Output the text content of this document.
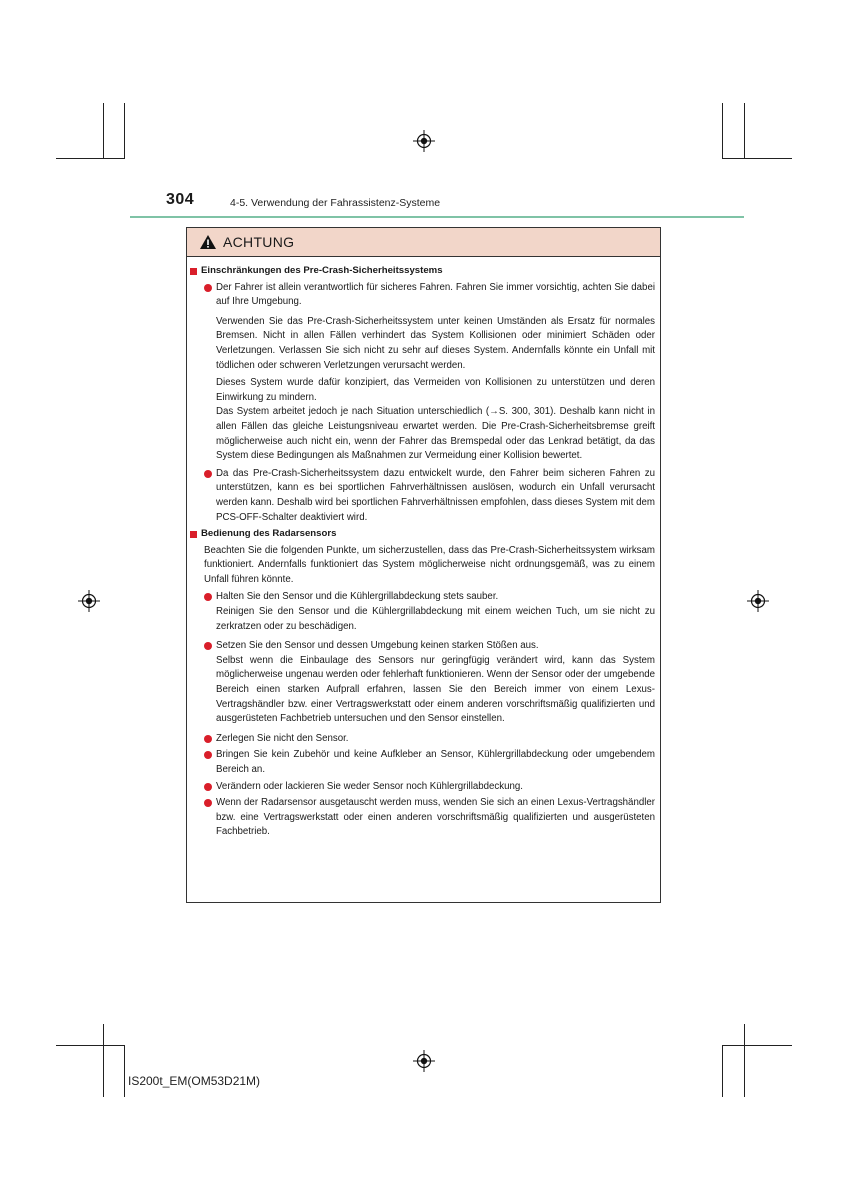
304	4-5. Verwendung der Fahrassistenz-Systeme
ACHTUNG
Einschränkungen des Pre-Crash-Sicherheitssystems
Der Fahrer ist allein verantwortlich für sicheres Fahren. Fahren Sie immer vorsichtig, achten Sie dabei auf Ihre Umgebung.
Verwenden Sie das Pre-Crash-Sicherheitssystem unter keinen Umständen als Ersatz für normales Bremsen. Nicht in allen Fällen verhindert das System Kollisionen oder minimiert Schäden oder Verletzungen. Verlassen Sie sich nicht zu sehr auf dieses System. Andernfalls könnte ein Unfall mit tödlichen oder schweren Verletzungen verursacht werden.
Dieses System wurde dafür konzipiert, das Vermeiden von Kollisionen zu unterstützen und deren Einwirkung zu mindern.
Das System arbeitet jedoch je nach Situation unterschiedlich (→S. 300, 301). Deshalb kann nicht in allen Fällen das gleiche Leistungsniveau erwartet werden. Die Pre-Crash-Sicherheitsbremse greift möglicherweise auch nicht ein, wenn der Fahrer das Bremspedal oder das Lenkrad betätigt, da das System diese Bedingungen als Maßnahmen zur Vermeidung einer Kollision bewertet.
Da das Pre-Crash-Sicherheitssystem dazu entwickelt wurde, den Fahrer beim sicheren Fahren zu unterstützen, kann es bei sportlichen Fahrverhältnissen auslösen, wodurch ein Unfall verursacht werden kann. Deshalb wird bei sportlichen Fahrverhältnissen empfohlen, dass dieses System mit dem PCS-OFF-Schalter deaktiviert wird.
Bedienung des Radarsensors
Beachten Sie die folgenden Punkte, um sicherzustellen, dass das Pre-Crash-Sicherheitssystem wirksam funktioniert. Andernfalls funktioniert das System möglicherweise nicht ordnungsgemäß, was zu einem Unfall führen könnte.
Halten Sie den Sensor und die Kühlergrillabdeckung stets sauber.
Reinigen Sie den Sensor und die Kühlergrillabdeckung mit einem weichen Tuch, um sie nicht zu zerkratzen oder zu beschädigen.
Setzen Sie den Sensor und dessen Umgebung keinen starken Stößen aus.
Selbst wenn die Einbaulage des Sensors nur geringfügig verändert wird, kann das System möglicherweise ungenau werden oder fehlerhaft funktionieren. Wenn der Sensor oder der umgebende Bereich einen starken Aufprall erfahren, lassen Sie den Bereich immer von einem Lexus-Vertragshändler bzw. einer Vertragswerkstatt oder einem anderen vorschriftsmäßig qualifizierten und ausgerüsteten Fachbetrieb untersuchen und den Sensor einstellen.
Zerlegen Sie nicht den Sensor.
Bringen Sie kein Zubehör und keine Aufkleber an Sensor, Kühlergrillabdeckung oder umgebendem Bereich an.
Verändern oder lackieren Sie weder Sensor noch Kühlergrillabdeckung.
Wenn der Radarsensor ausgetauscht werden muss, wenden Sie sich an einen Lexus-Vertragshändler bzw. eine Vertragswerkstatt oder einen anderen vorschriftsmäßig qualifizierten und ausgerüsteten Fachbetrieb.
IS200t_EM(OM53D21M)
